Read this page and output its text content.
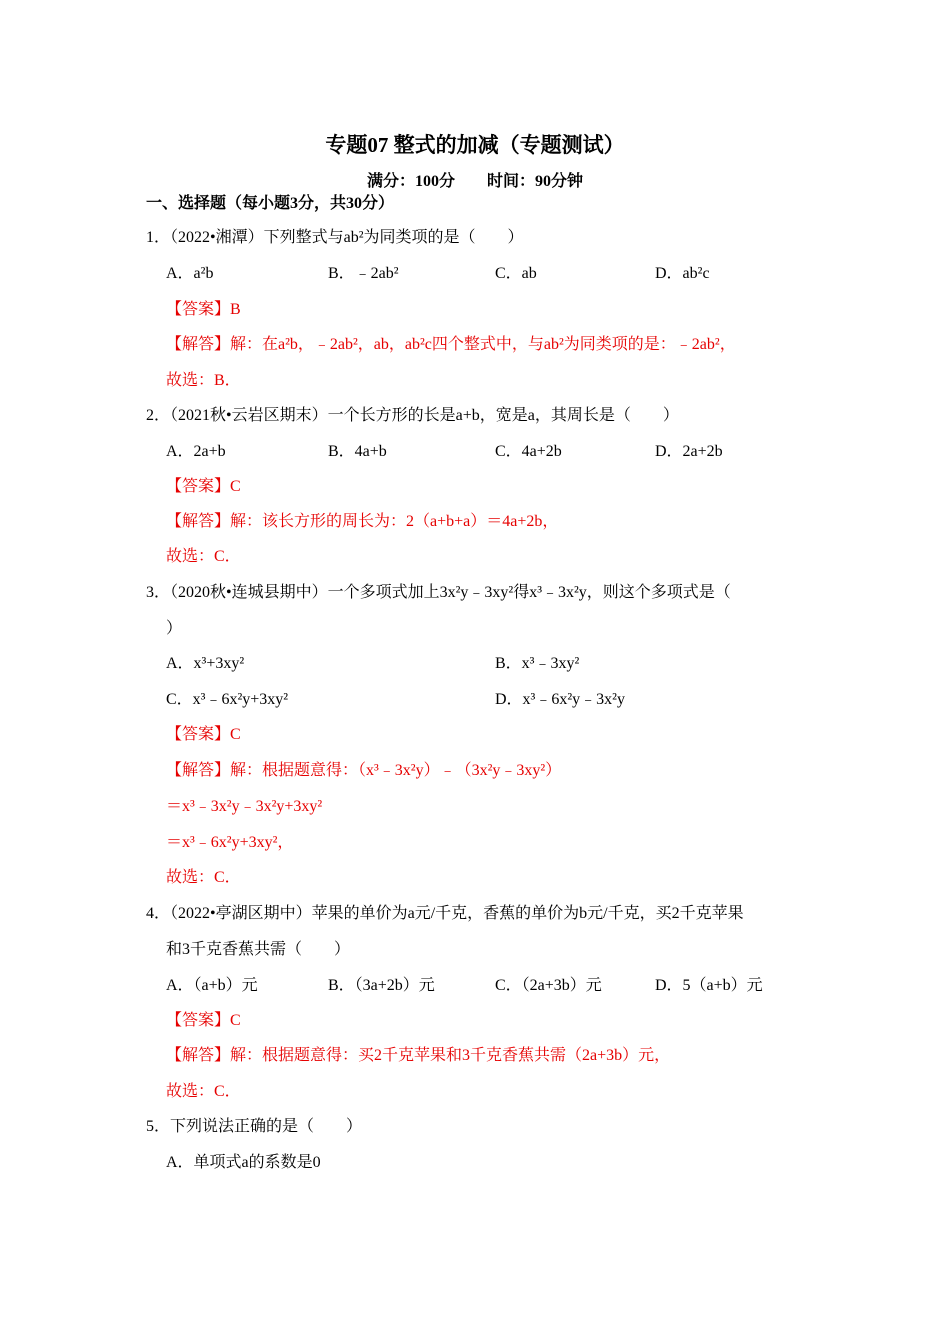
专题07 整式的加减（专题测试）
满分：100分 时间：90分钟
一、选择题（每小题3分，共30分）
1．（2022•湘潭）下列整式与ab²为同类项的是（　　）
A．a²b	B．﹣2ab²	C．ab	D．ab²c
【答案】B
【解答】解：在a²b，﹣2ab²，ab，ab²c四个整式中，与ab²为同类项的是：﹣2ab²，
故选：B．
2．（2021秋•云岩区期末）一个长方形的长是a+b，宽是a，其周长是（　　）
A．2a+b	B．4a+b	C．4a+2b	D．2a+2b
【答案】C
【解答】解：该长方形的周长为：2（a+b+a）＝4a+2b，
故选：C．
3．（2020秋•连城县期中）一个多项式加上3x²y﹣3xy²得x³﹣3x²y，则这个多项式是（
）
A．x³+3xy²	B．x³﹣3xy²
C．x³﹣6x²y+3xy²	D．x³﹣6x²y﹣3x²y
【答案】C
【解答】解：根据题意得：（x³﹣3x²y）﹣（3x²y﹣3xy²）
＝x³﹣3x²y﹣3x²y+3xy²
＝x³﹣6x²y+3xy²，
故选：C．
4．（2022•亭湖区期中）苹果的单价为a元/千克，香蕉的单价为b元/千克，买2千克苹果
和3千克香蕉共需（　　）
A．（a+b）元	B．（3a+2b）元	C．（2a+3b）元	D．5（a+b）元
【答案】C
【解答】解：根据题意得：买2千克苹果和3千克香蕉共需（2a+3b）元，
故选：C．
5．下列说法正确的是（　　）
A．单项式a的系数是0
